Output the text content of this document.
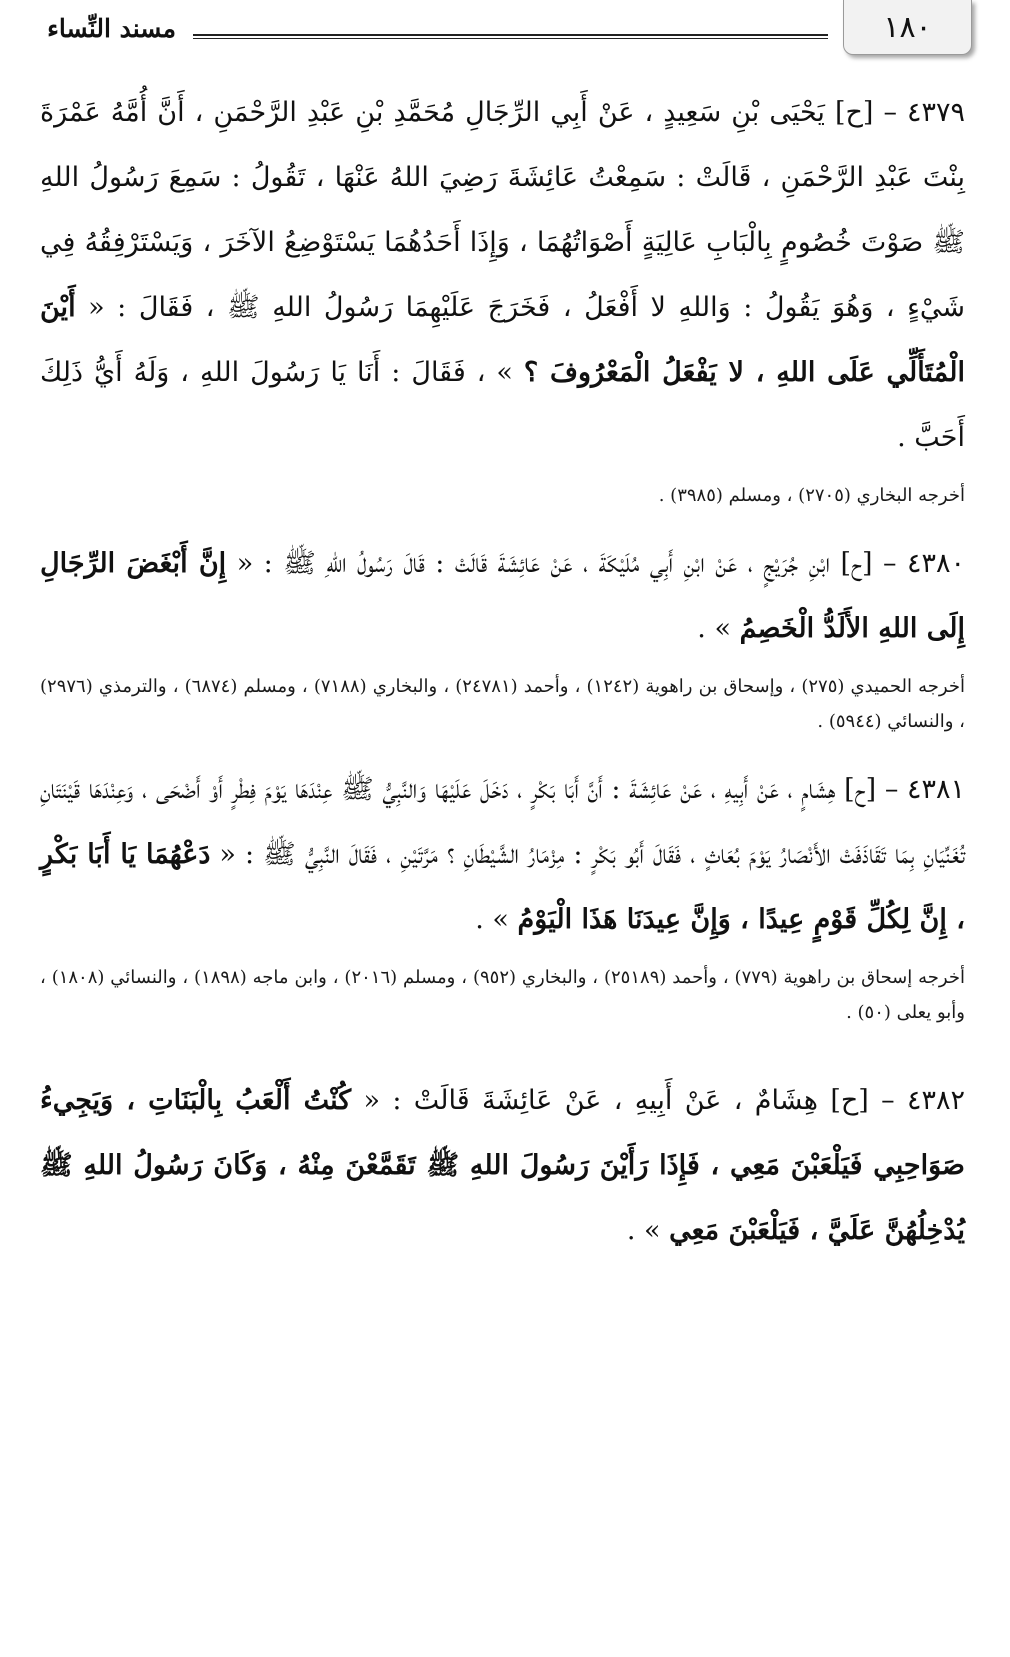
١٨٠
مسند النِّساء

٤٣٧٩ – [ح] يَحْيَى بْنِ سَعِيدٍ ، عَنْ أَبِي الرِّجَالِ مُحَمَّدِ بْنِ عَبْدِ الرَّحْمَنِ ، أَنَّ أُمَّهُ عَمْرَةَ بِنْتَ عَبْدِ الرَّحْمَنِ ، قَالَتْ : سَمِعْتُ عَائِشَةَ رَضِيَ اللهُ عَنْهَا ، تَقُولُ : سَمِعَ رَسُولُ اللهِ ﷺ صَوْتَ خُصُومٍ بِالْبَابِ عَالِيَةٍ أَصْوَاتُهُمَا ، وَإِذَا أَحَدُهُمَا يَسْتَوْضِعُ الآخَرَ ، وَيَسْتَرْفِقُهُ فِي شَيْءٍ ، وَهُوَ يَقُولُ : وَاللهِ لا أَفْعَلُ ، فَخَرَجَ عَلَيْهِمَا رَسُولُ اللهِ ﷺ ، فَقَالَ : « أَيْنَ الْمُتَأَلِّي عَلَى اللهِ ، لا يَفْعَلُ الْمَعْرُوفَ ؟ » ، فَقَالَ : أَنَا يَا رَسُولَ اللهِ ، وَلَهُ أَيُّ ذَلِكَ أَحَبَّ .

أخرجه البخاري (٢٧٠٥) ، ومسلم (٣٩٨٥) .

٤٣٨٠ – [ح] ابْنِ جُرَيْجٍ ، عَنْ ابْنِ أَبِي مُلَيْكَةَ ، عَنْ عَائِشَةَ قَالَتْ : قَالَ رَسُولُ اللهِ ﷺ : « إِنَّ أَبْغَضَ الرِّجَالِ إِلَى اللهِ الأَلَدُّ الْخَصِمُ » .

أخرجه الحميدي (٢٧٥) ، وإسحاق بن راهوية (١٢٤٢) ، وأحمد (٢٤٧٨١) ، والبخاري (٧١٨٨) ، ومسلم (٦٨٧٤) ، والترمذي (٢٩٧٦) ، والنسائي (٥٩٤٤) .

٤٣٨١ – [ح] هِشَامٍ ، عَنْ أَبِيهِ ، عَنْ عَائِشَةَ : أَنَّ أَبَا بَكْرٍ ، دَخَلَ عَلَيْهَا وَالنَّبِيُّ ﷺ عِنْدَهَا يَوْمَ فِطْرٍ أَوْ أَضْحَى ، وَعِنْدَهَا قَيْنَتَانِ تُغَنِّيَانِ بِمَا تَقَاذَفَتْ الأَنْصَارُ يَوْمَ بُعَاثٍ ، فَقَالَ أَبُو بَكْرٍ : مِزْمَارُ الشَّيْطَانِ ؟ مَرَّتَيْنِ ، فَقَالَ النَّبِيُّ ﷺ : « دَعْهُمَا يَا أَبَا بَكْرٍ ، إِنَّ لِكُلِّ قَوْمٍ عِيدًا ، وَإِنَّ عِيدَنَا هَذَا الْيَوْمُ » .

أخرجه إسحاق بن راهوية (٧٧٩) ، وأحمد (٢٥١٨٩) ، والبخاري (٩٥٢) ، ومسلم (٢٠١٦) ، وابن ماجه (١٨٩٨) ، والنسائي (١٨٠٨) ، وأبو يعلى (٥٠) .

٤٣٨٢ – [ح] هِشَامٌ ، عَنْ أَبِيهِ ، عَنْ عَائِشَةَ قَالَتْ : « كُنْتُ أَلْعَبُ بِالْبَنَاتِ ، وَيَجِيءُ صَوَاحِبِي فَيَلْعَبْنَ مَعِي ، فَإِذَا رَأَيْنَ رَسُولَ اللهِ ﷺ تَقَمَّعْنَ مِنْهُ ، وَكَانَ رَسُولُ اللهِ ﷺ يُدْخِلُهُنَّ عَلَيَّ ، فَيَلْعَبْنَ مَعِي » .
